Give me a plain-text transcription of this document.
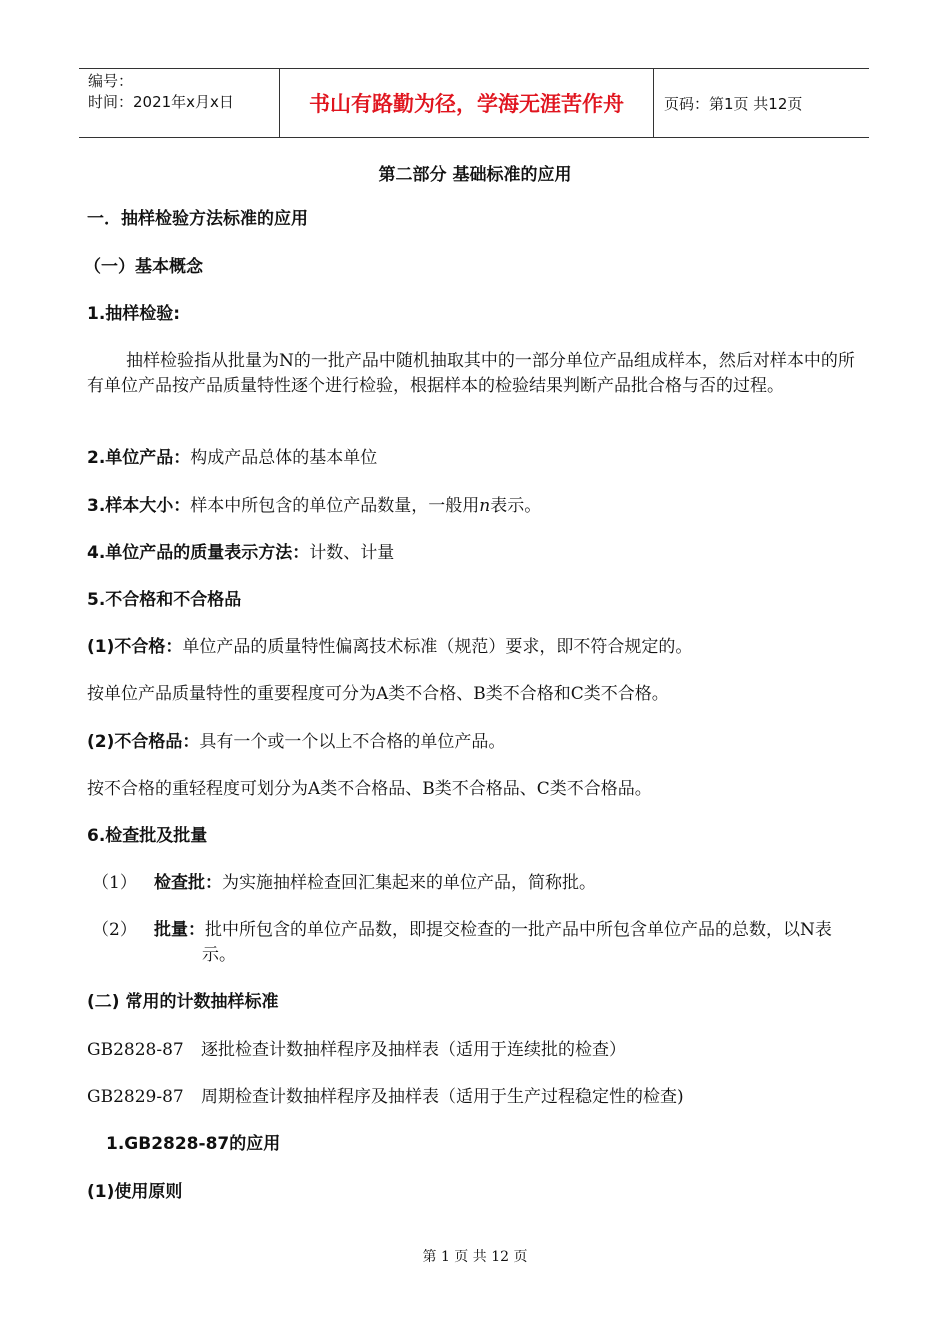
编号：
时间：2021年x月x日	书山有路勤为径，学海无涯苦作舟	页码：第1页 共12页
第二部分 基础标准的应用
一．抽样检验方法标准的应用
（一）基本概念
1.抽样检验:
抽样检验指从批量为N的一批产品中随机抽取其中的一部分单位产品组成样本，然后对样本中的所有单位产品按产品质量特性逐个进行检验，根据样本的检验结果判断产品批合格与否的过程。
2.单位产品：构成产品总体的基本单位
3.样本大小：样本中所包含的单位产品数量，一般用n表示。
4.单位产品的质量表示方法：计数、计量
5.不合格和不合格品
(1)不合格：单位产品的质量特性偏离技术标准（规范）要求，即不符合规定的。
按单位产品质量特性的重要程度可分为A类不合格、B类不合格和C类不合格。
(2)不合格品：具有一个或一个以上不合格的单位产品。
按不合格的重轻程度可划分为A类不合格品、B类不合格品、C类不合格品。
6.检查批及批量
（1）	检查批：为实施抽样检查回汇集起来的单位产品，简称批。
（2）	批量：批中所包含的单位产品数，即提交检查的一批产品中所包含单位产品的总数，以N表示。
(二) 常用的计数抽样标准
GB2828-87	逐批检查计数抽样程序及抽样表（适用于连续批的检查）
GB2829-87	周期检查计数抽样程序及抽样表（适用于生产过程稳定性的检查)
1.GB2828-87的应用
(1)使用原则
第 1 页 共 12 页
